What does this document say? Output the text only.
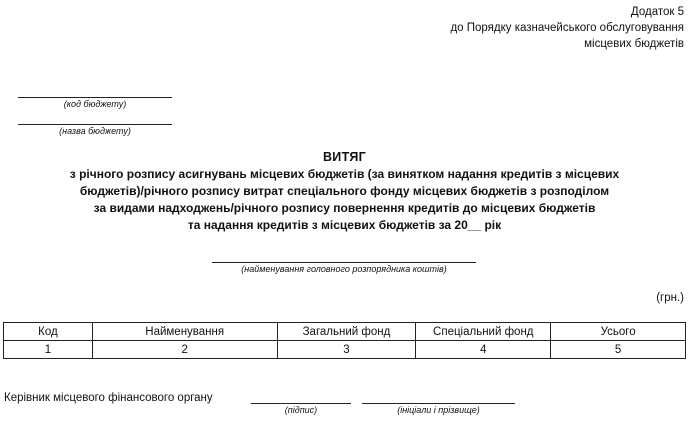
Додаток 5
до Порядку казначейського обслуговування
місцевих бюджетів
(код бюджету)
(назва бюджету)
ВИТЯГ
з річного розпису асигнувань місцевих бюджетів (за винятком надання кредитів з місцевих
бюджетів)/річного розпису витрат спеціального фонду місцевих бюджетів з розподілом
за видами надходжень/річного розпису повернення кредитів до місцевих бюджетів
та надання кредитів з місцевих бюджетів за 20__ рік
(найменування головного розпорядника коштів)
(грн.)
Код	Найменування	Загальний фонд	Спеціальний фонд	Усього
1	2	3	4	5
Керівник місцевого фінансового органу
(підпис)	(ініціали і прізвище)
